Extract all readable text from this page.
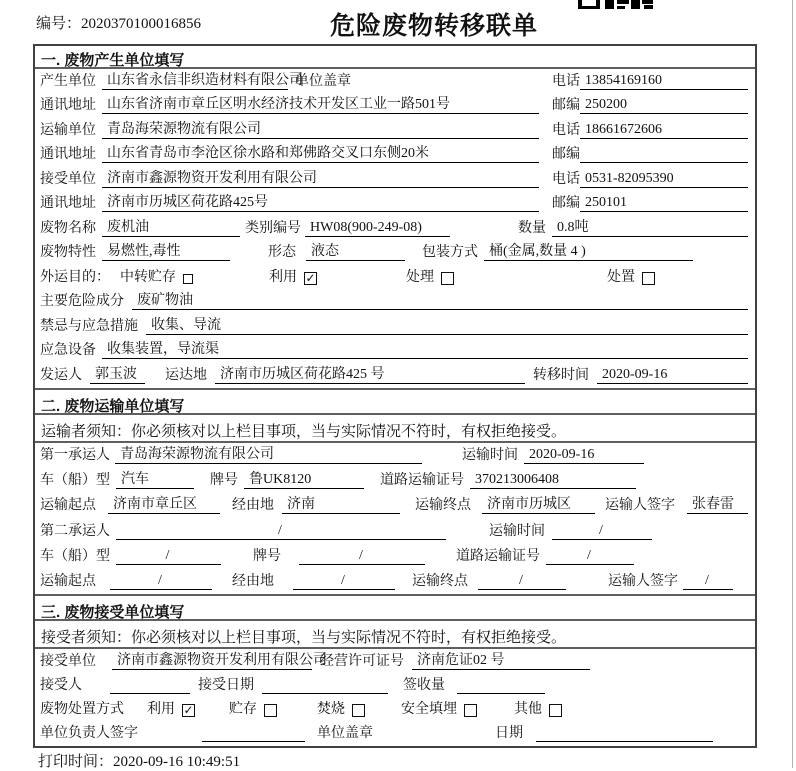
编号：2020370100016856	危险废物转移联单
一. 废物产生单位填写
产生单位 山东省永信非织造材料有限公司
单位盖章	电话 13854169160
通讯地址 山东省济南市章丘区明水经济技术开发区工业一路501号	邮编 250200
运输单位 青岛海荣源物流有限公司	电话 18661672606
通讯地址 山东省青岛市李沧区徐水路和郑佛路交叉口东侧20米	邮编
接受单位 济南市鑫源物资开发利用有限公司	电话 0531-82095390
通讯地址 济南市历城区荷花路425号	邮编 250101
废物名称 废机油	类别编号 HW08(900-249-08)	数量 0.8吨
废物特性 易燃性,毒性	形态	液态	包装方式 桶(金属,数量 4 )
外运目的： 中转贮存	利用 ✓	处理	处置
主要危险成分 废矿物油
禁忌与应急措施 收集、导流
应急设备 收集装置，导流渠
发运人 郭玉波	运达地 济南市历城区荷花路425 号	转移时间 2020-09-16
二. 废物运输单位填写
运输者须知：你必须核对以上栏目事项，当与实际情况不符时，有权拒绝接受。
第一承运人 青岛海荣源物流有限公司	运输时间 2020-09-16
车（船）型 汽车	牌号 鲁UK8120	道路运输证号 370213006408
运输起点	济南市章丘区	经由地 济南	运输终点	济南市历城区	运输人签字	张春雷
第二承运人	/	运输时间	/
车（船）型	/	牌号	/	道路运输证号	/
运输起点	/	经由地	/	运输终点	/	运输人签字	/
三. 废物接受单位填写
接受者须知：你必须核对以上栏目事项，当与实际情况不符时，有权拒绝接受。
接受单位	济南市鑫源物资开发利用有限公司
经营许可证号 济南危证02 号
接受人	接受日期	签收量
废物处置方式 利用 ✓	贮存	焚烧	安全填埋	其他
单位负责人签字	单位盖章	日期
打印时间：2020-09-16 10:49:51
